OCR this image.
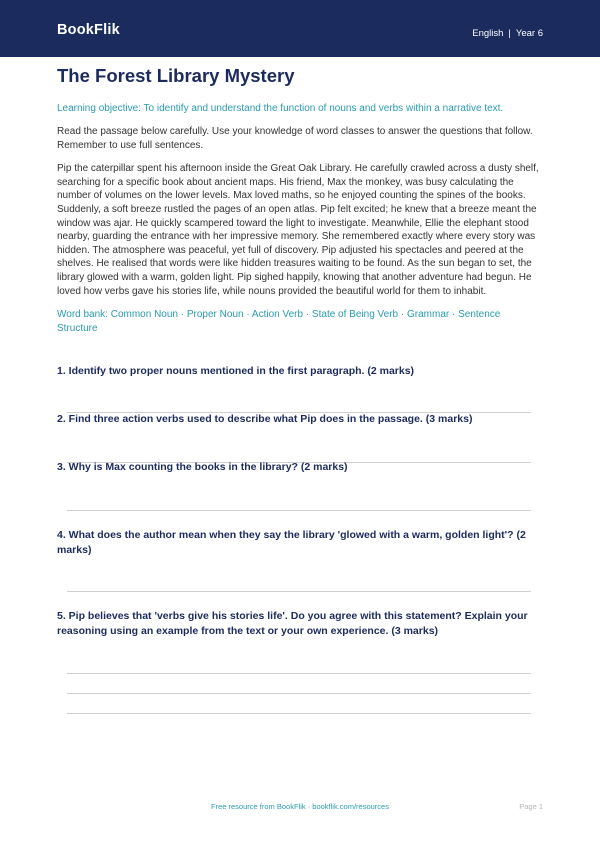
BookFlik	English | Year 6
The Forest Library Mystery
Learning objective: To identify and understand the function of nouns and verbs within a narrative text.
Read the passage below carefully. Use your knowledge of word classes to answer the questions that follow. Remember to use full sentences.
Pip the caterpillar spent his afternoon inside the Great Oak Library. He carefully crawled across a dusty shelf, searching for a specific book about ancient maps. His friend, Max the monkey, was busy calculating the number of volumes on the lower levels. Max loved maths, so he enjoyed counting the spines of the books. Suddenly, a soft breeze rustled the pages of an open atlas. Pip felt excited; he knew that a breeze meant the window was ajar. He quickly scampered toward the light to investigate. Meanwhile, Ellie the elephant stood nearby, guarding the entrance with her impressive memory. She remembered exactly where every story was hidden. The atmosphere was peaceful, yet full of discovery. Pip adjusted his spectacles and peered at the shelves. He realised that words were like hidden treasures waiting to be found. As the sun began to set, the library glowed with a warm, golden light. Pip sighed happily, knowing that another adventure had begun. He loved how verbs gave his stories life, while nouns provided the beautiful world for them to inhabit.
Word bank: Common Noun · Proper Noun · Action Verb · State of Being Verb · Grammar · Sentence Structure
1. Identify two proper nouns mentioned in the first paragraph. (2 marks)
2. Find three action verbs used to describe what Pip does in the passage. (3 marks)
3. Why is Max counting the books in the library? (2 marks)
4. What does the author mean when they say the library 'glowed with a warm, golden light'? (2 marks)
5. Pip believes that 'verbs give his stories life'. Do you agree with this statement? Explain your reasoning using an example from the text or your own experience. (3 marks)
Free resource from BookFlik · bookflik.com/resources	Page 1
